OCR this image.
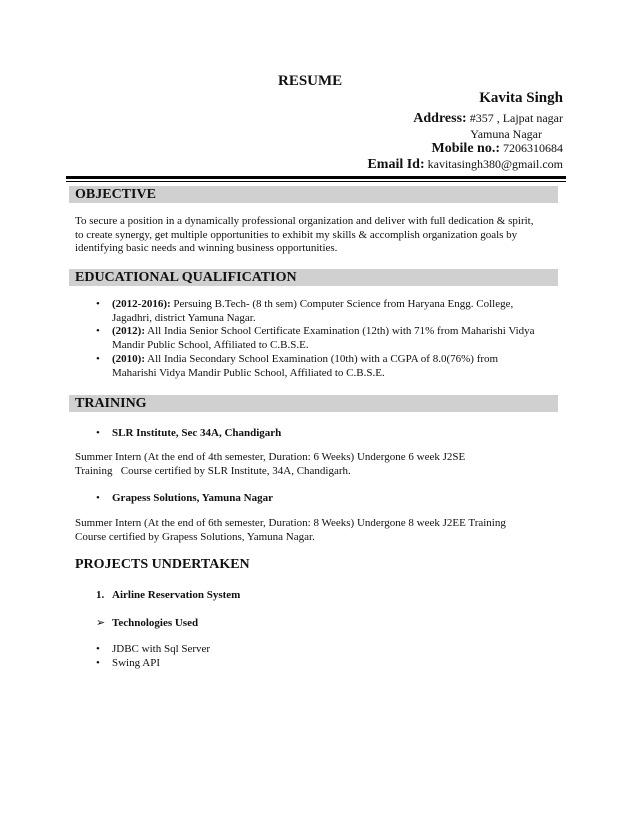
RESUME
Kavita Singh
Address: #357 , Lajpat nagar
Yamuna Nagar
Mobile no.: 7206310684
Email Id: kavitasingh380@gmail.com
OBJECTIVE
To secure a position in a dynamically professional organization and deliver with full dedication & spirit,
to create synergy, get multiple opportunities to exhibit my skills & accomplish organization goals by
identifying basic needs and winning business opportunities.
EDUCATIONAL QUALIFICATION
• (2012-2016): Persuing B.Tech- (8 th sem) Computer Science from Haryana Engg. College,
Jagadhri, district Yamuna Nagar.
• (2012): All India Senior School Certificate Examination (12th) with 71% from Maharishi Vidya
Mandir Public School, Affiliated to C.B.S.E.
• (2010): All India Secondary School Examination (10th) with a CGPA of 8.0(76%) from
Maharishi Vidya Mandir Public School, Affiliated to C.B.S.E.
TRAINING
• SLR Institute, Sec 34A, Chandigarh
Summer Intern (At the end of 4th semester, Duration: 6 Weeks) Undergone 6 week J2SE
Training   Course certified by SLR Institute, 34A, Chandigarh.
• Grapess Solutions, Yamuna Nagar
Summer Intern (At the end of 6th semester, Duration: 8 Weeks) Undergone 8 week J2EE Training
Course certified by Grapess Solutions, Yamuna Nagar.
PROJECTS UNDERTAKEN
1. Airline Reservation System
➢ Technologies Used
• JDBC with Sql Server
• Swing API
